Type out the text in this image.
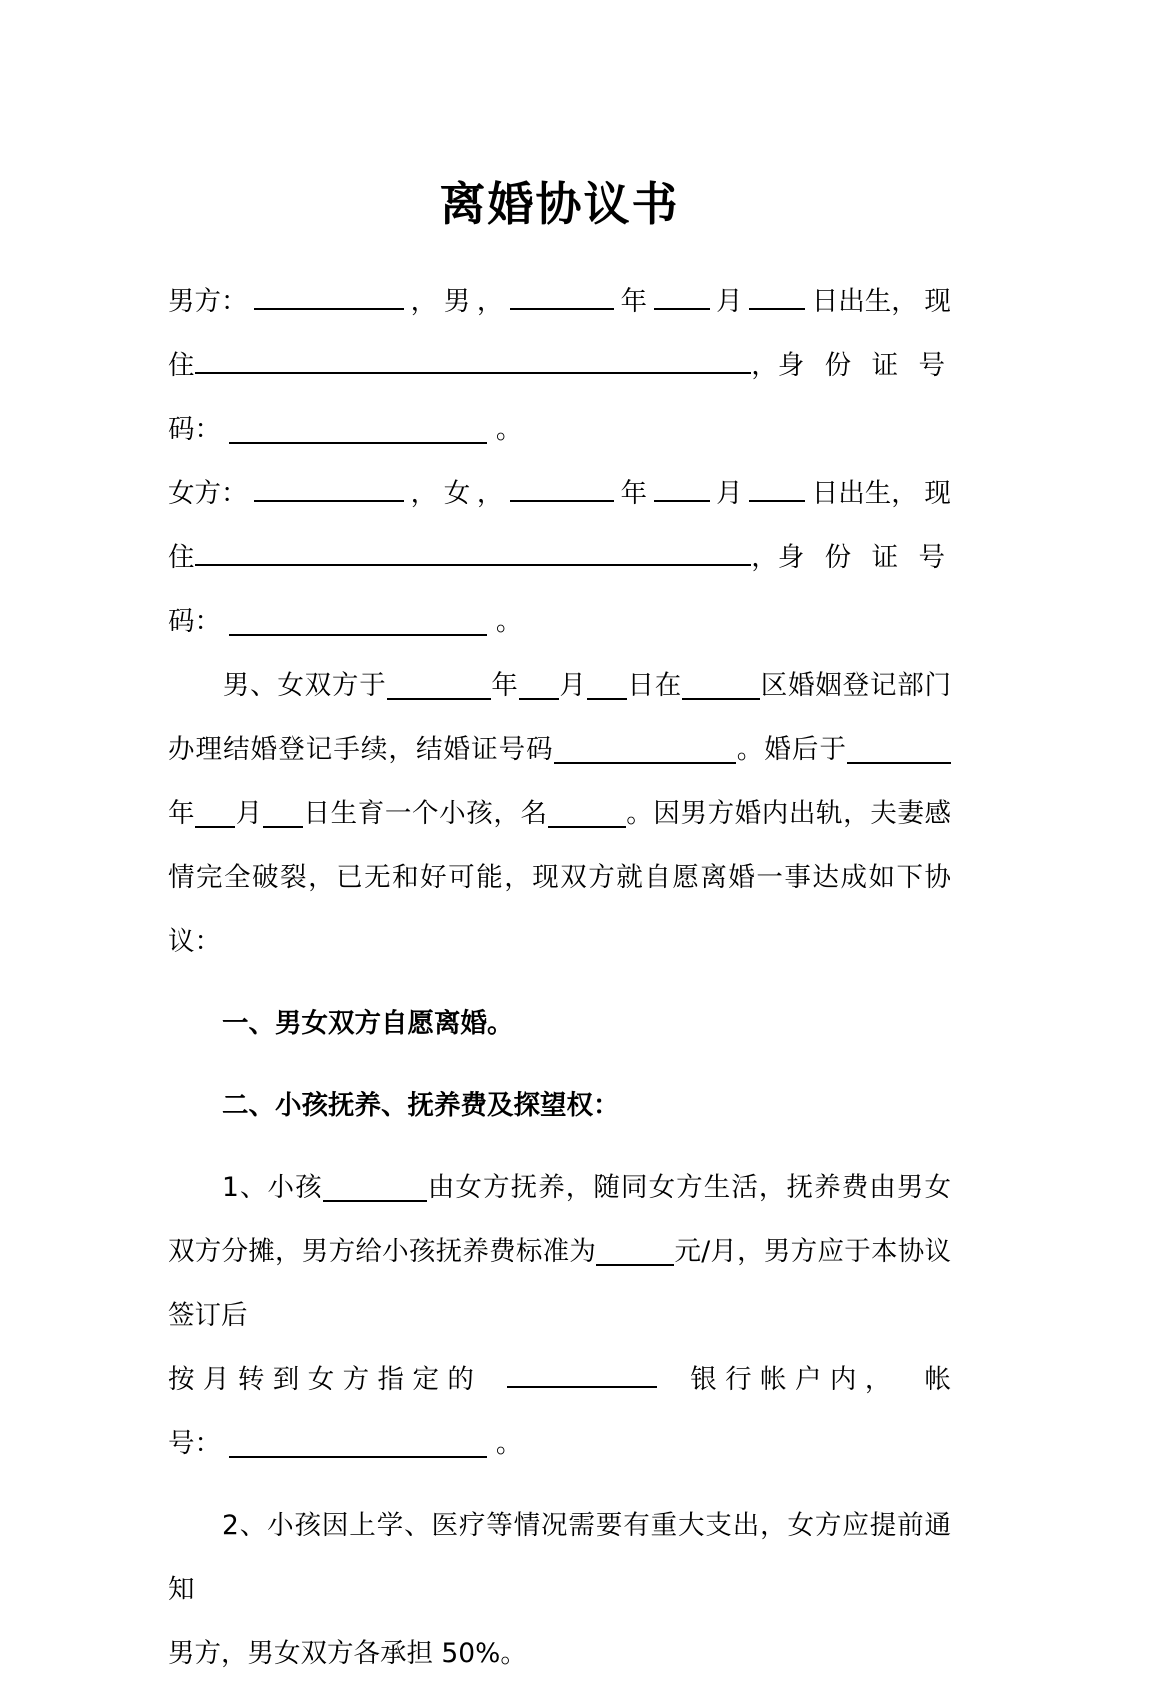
离婚协议书
男方：	， 男 ，	年	月	日出生， 现
住	， 身 份 证 号
码：	。
女方：	， 女 ，	年	月	日出生， 现
住	， 身 份 证 号
码：	。

男、女双方于	年 月 日在	区婚姻登记部门办理结婚登记手续，结婚证号码	。婚后于年 月 日生育一个小孩，名	。因男方婚内出轨，夫妻感情完全破裂，已无和好可能，现双方就自愿离婚一事达成如下协议：

一、男女双方自愿离婚。

二、小孩抚养、抚养费及探望权：

1、小孩	由女方抚养，随同女方生活，抚养费由男女双方分摊，男方给小孩抚养费标准为	元/月，男方应于本协议签订后

按 月 转 到 女 方 指 定 的	银 行 帐 户 内 ， 帐
号：	。

2、小孩因上学、医疗等情况需要有重大支出，女方应提前通知

男方，男女双方各承担 50%。
